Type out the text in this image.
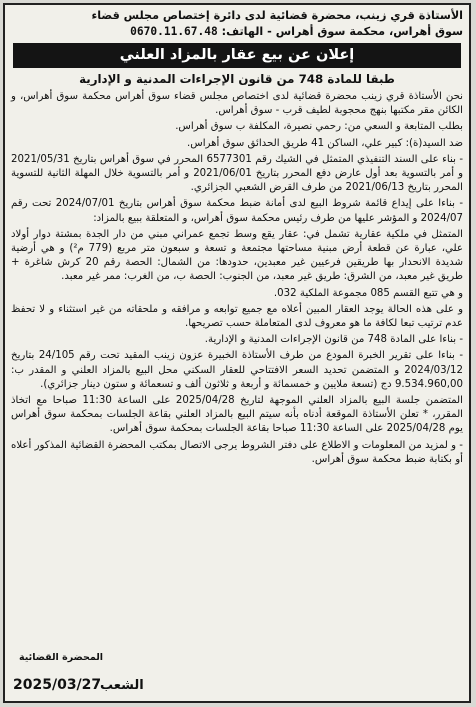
الأستاذة قري زينب، محضرة قضائية لدى دائرة إختصاص مجلس قضاء
سوق أهراس، محكمة سوق أهراس - الهاتف: 0670.11.67.48
إعلان عن بيع عقار بالمزاد العلني
طبقا للمادة 748 من قانون الإجراءات المدنية و الإدارية

نحن الأستاذة قري زينب محضرة قضائية لدى اختصاص مجلس قضاء سوق أهراس محكمة سوق أهراس، و الكائن مقر مكتبها بنهج محجوبة لطيف قرب - سوق أهراس.

بطلب المتابعة و السعي من: رحمي نصيرة، المكلفة ب سوق أهراس.

ضد السيد(ة): كبير علي، الساكن 41 طريق الحدائق سوق أهراس.

- بناء على السند التنفيذي المتمثل في الشيك رقم 6577301 المحرر في سوق أهراس بتاريخ 2021/05/31 و أمر بالتسوية بعد أول عارض دفع المحرر بتاريخ 2021/06/01 و أمر بالتسوية خلال المهلة الثانية للتسوية المحرر بتاريخ 2021/06/13 من طرف القرض الشعبي الجزائري.

- بناءا على إيداع قائمة شروط البيع لدى أمانة ضبط محكمة سوق أهراس بتاريخ 2024/07/01 تحت رقم 2024/07 و المؤشر عليها من طرف رئيس محكمة سوق أهراس، و المتعلقة ببيع بالمزاد:

المتمثل في ملكية عقارية تشمل في: عقار يقع وسط تجمع عمراني مبني من دار الجدة بمشتة دوار أولاد علي، عبارة عن قطعة أرض مبنية مساحتها مجتمعة و تسعة و سبعون متر مربع (779 م²) و هي أرضية شديدة الانحدار بها طريقين فرعيين غير معبدين، حدودها: من الشمال: الحصة رقم 20 كرش شاغرة + طريق غير معبد، من الشرق: طريق غير معبد، من الجنوب: الحصة ب، من الغرب: ممر غير معبد.

و هي تتبع القسم 085 مجموعة الملكية 032.

و على هذه الحالة يوجد العقار المبين أعلاه مع جميع توابعه و مرافقه و ملحقاته من غير استثناء و لا تحفظ عدم ترتيب تبعا لكافة ما هو معروف لدى المتعاملة حسب تصريحها.

- بناءا على المادة 748 من قانون الإجراءات المدنية و الإدارية.

- بناءا على تقرير الخبرة المودع من طرف الأستاذة الخبيرة عزون زينب المقيد تحت رقم 24/105 بتاريخ 2024/03/12 و المتضمن تحديد السعر الافتتاحي للعقار السكني محل البيع بالمزاد العلني و المقدر ب: 9.534.960,00 دج (تسعة ملايين و خمسمائة و أربعة و ثلاثون ألف و تسعمائة و ستون دينار جزائري).

المتضمن جلسة البيع بالمزاد العلني الموجهة لتاريخ 2025/04/28 على الساعة 11:30 صباحا مع اتخاذ المقرر، * تعلن الأستاذة الموقعة أدناه بأنه سيتم البيع بالمزاد العلني بقاعة الجلسات بمحكمة سوق أهراس يوم 2025/04/28 على الساعة 11:30 صباحا بقاعة الجلسات بمحكمة سوق أهراس.

- و لمزيد من المعلومات و الاطلاع على دفتر الشروط يرجى الاتصال بمكتب المحضرة القضائية المذكور أعلاه أو بكتابة ضبط محكمة سوق أهراس.

المحضرة القضائية
2025/03/27
الشعب
